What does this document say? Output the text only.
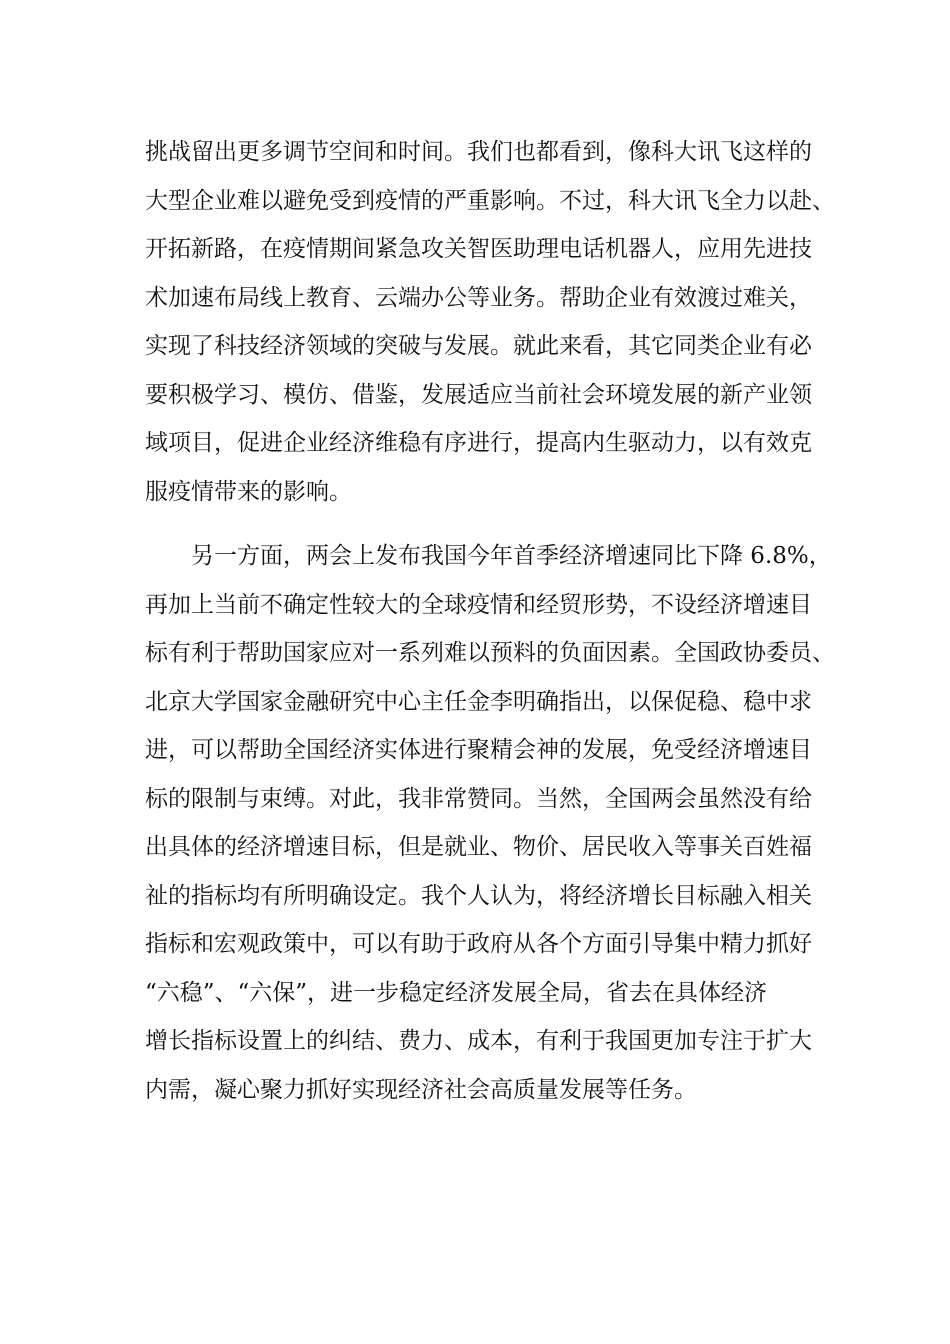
挑战留出更多调节空间和时间。我们也都看到，像科大讯飞这样的
大型企业难以避免受到疫情的严重影响。不过，科大讯飞全力以赴、
开拓新路，在疫情期间紧急攻关智医助理电话机器人，应用先进技
术加速布局线上教育、云端办公等业务。帮助企业有效渡过难关，
实现了科技经济领域的突破与发展。就此来看，其它同类企业有必
要积极学习、模仿、借鉴，发展适应当前社会环境发展的新产业领
域项目，促进企业经济维稳有序进行，提高内生驱动力，以有效克
服疫情带来的影响。

另一方面，两会上发布我国今年首季经济增速同比下降 6.8%，
再加上当前不确定性较大的全球疫情和经贸形势，不设经济增速目
标有利于帮助国家应对一系列难以预料的负面因素。全国政协委员、
北京大学国家金融研究中心主任金李明确指出，以保促稳、稳中求
进，可以帮助全国经济实体进行聚精会神的发展，免受经济增速目
标的限制与束缚。对此，我非常赞同。当然，全国两会虽然没有给
出具体的经济增速目标，但是就业、物价、居民收入等事关百姓福
祉的指标均有所明确设定。我个人认为，将经济增长目标融入相关
指标和宏观政策中，可以有助于政府从各个方面引导集中精力抓好
“六稳”、“六保”，进一步稳定经济发展全局，省去在具体经济
增长指标设置上的纠结、费力、成本，有利于我国更加专注于扩大
内需，凝心聚力抓好实现经济社会高质量发展等任务。
